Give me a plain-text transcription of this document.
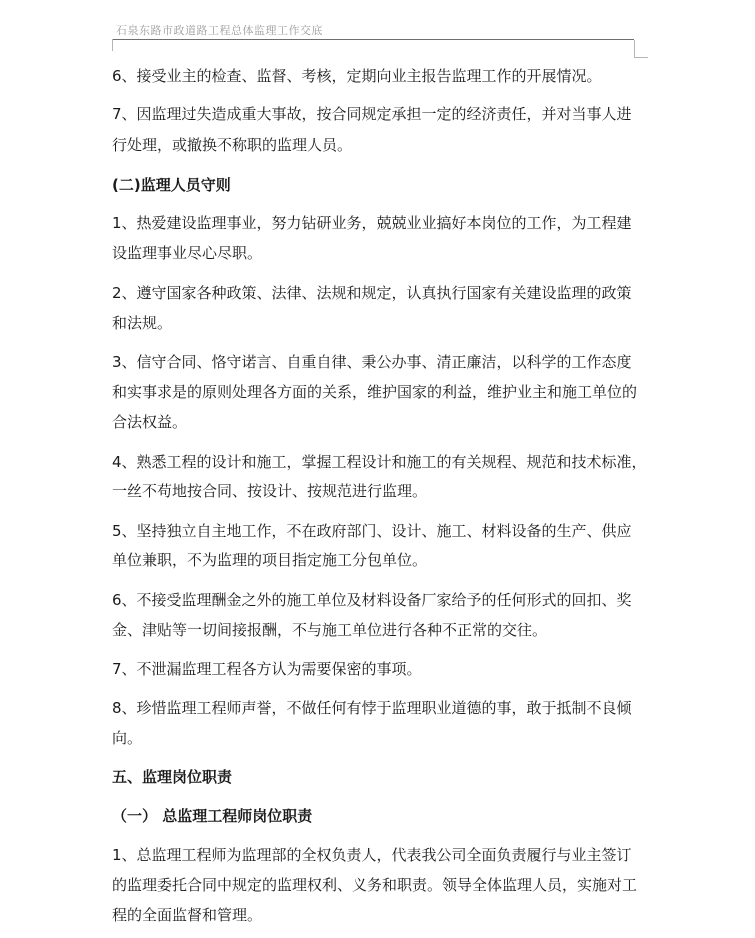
石泉东路市政道路工程总体监理工作交底
6、接受业主的检查、监督、考核，定期向业主报告监理工作的开展情况。
7、因监理过失造成重大事故，按合同规定承担一定的经济责任，并对当事人进
行处理，或撤换不称职的监理人员。
(二)监理人员守则
1、热爱建设监理事业，努力钻研业务，兢兢业业搞好本岗位的工作，为工程建
设监理事业尽心尽职。
2、遵守国家各种政策、法律、法规和规定，认真执行国家有关建设监理的政策
和法规。
3、信守合同、恪守诺言、自重自律、秉公办事、清正廉洁，以科学的工作态度
和实事求是的原则处理各方面的关系，维护国家的利益，维护业主和施工单位的
合法权益。
4、熟悉工程的设计和施工，掌握工程设计和施工的有关规程、规范和技术标准，
一丝不苟地按合同、按设计、按规范进行监理。
5、坚持独立自主地工作，不在政府部门、设计、施工、材料设备的生产、供应
单位兼职，不为监理的项目指定施工分包单位。
6、不接受监理酬金之外的施工单位及材料设备厂家给予的任何形式的回扣、奖
金、津贴等一切间接报酬，不与施工单位进行各种不正常的交往。
7、不泄漏监理工程各方认为需要保密的事项。
8、珍惜监理工程师声誉，不做任何有悖于监理职业道德的事，敢于抵制不良倾
向。
五、监理岗位职责
（一） 总监理工程师岗位职责
1、总监理工程师为监理部的全权负责人，代表我公司全面负责履行与业主签订
的监理委托合同中规定的监理权利、义务和职责。领导全体监理人员，实施对工
程的全面监督和管理。
